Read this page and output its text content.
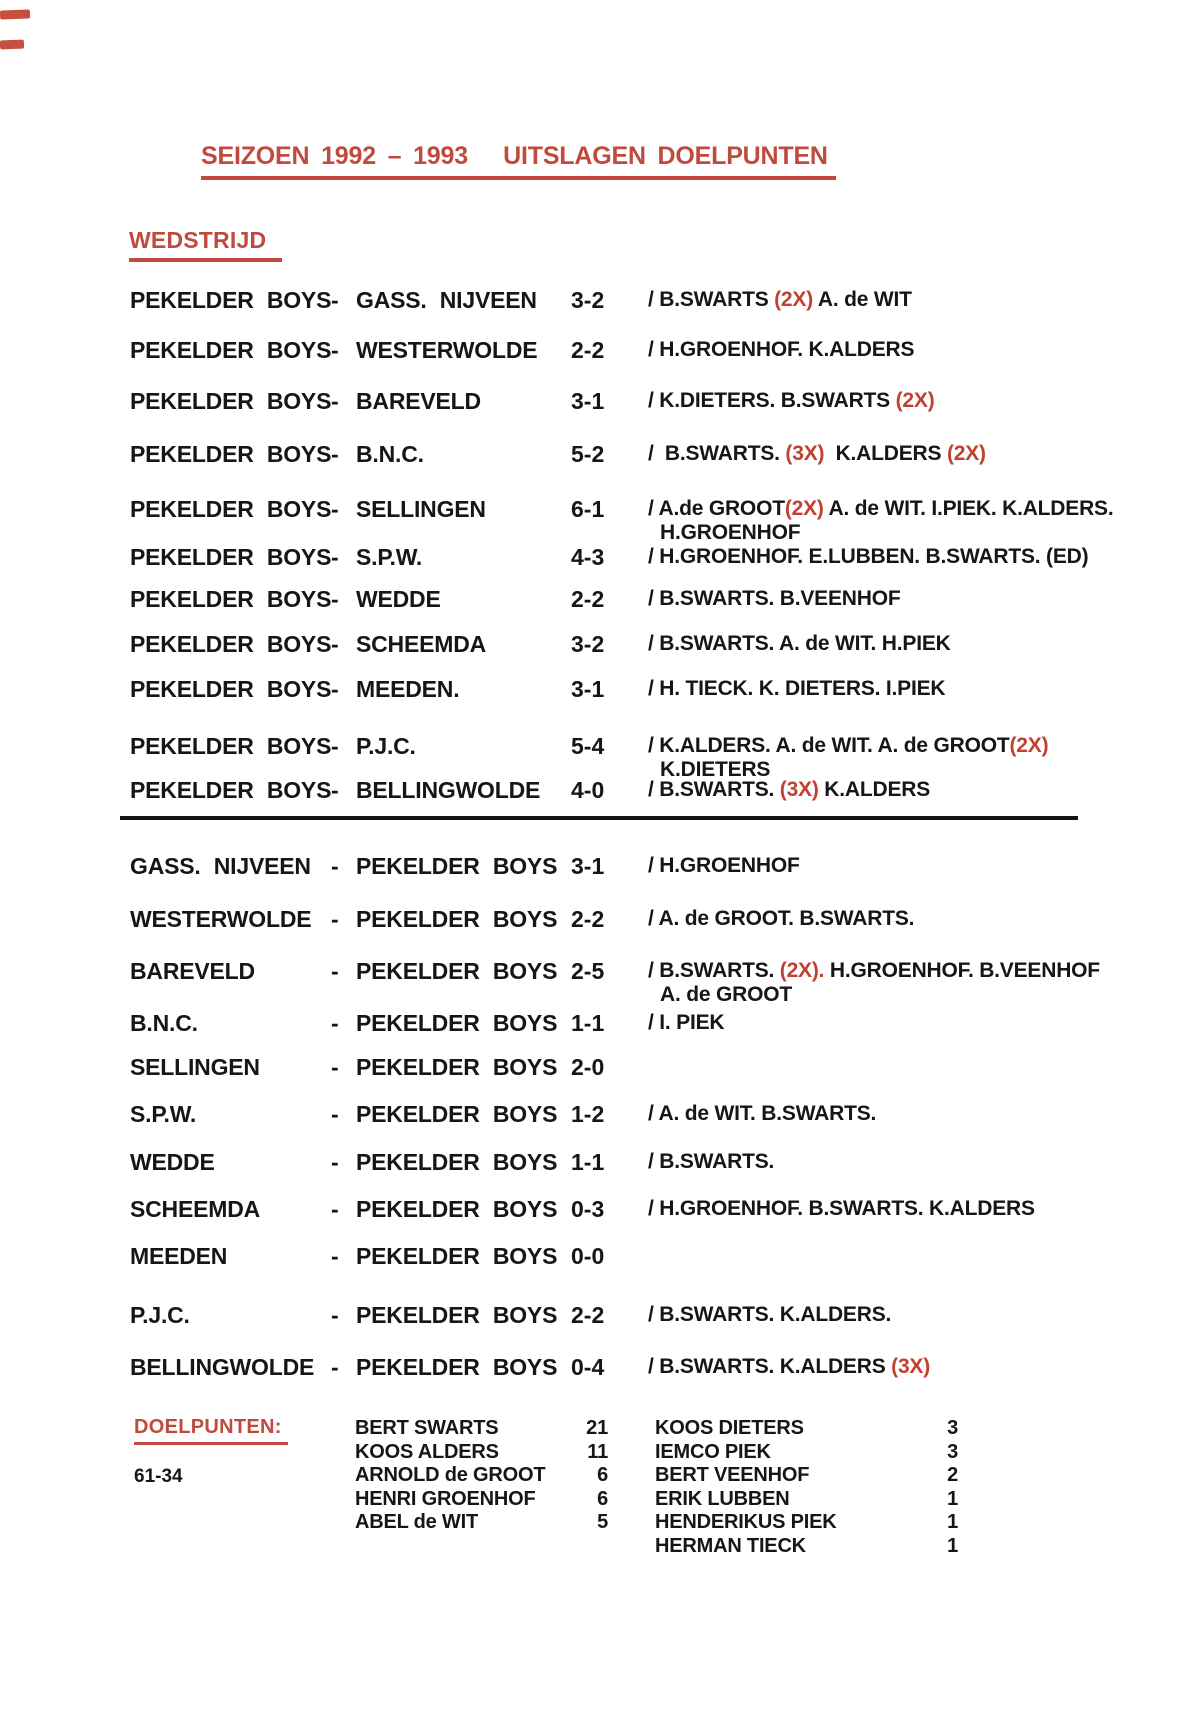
SEIZOEN 1992 – 1993   UITSLAGEN DOELPUNTEN
WEDSTRIJD
PEKELDER BOYS - GASS. NIJVEEN 3-2 / B.SWARTS (2X) A. de WIT
PEKELDER BOYS - WESTERWOLDE 2-2 / H.GROENHOF. K.ALDERS
PEKELDER BOYS - BAREVELD	3-1 / K.DIETERS. B.SWARTS (2X)
PEKELDER BOYS - B.N.C.	5-2 /  B.SWARTS. (3X)  K.ALDERS (2X)
PEKELDER BOYS - SELLINGEN	6-1 / A.de GROOT(2X) A. de WIT. I.PIEK. K.ALDERS.
H.GROENHOF
PEKELDER BOYS - S.P.W.	4-3 / H.GROENHOF. E.LUBBEN. B.SWARTS. (ED)
PEKELDER BOYS - WEDDE	2-2 / B.SWARTS. B.VEENHOF
PEKELDER BOYS - SCHEEMDA	3-2 / B.SWARTS. A. de WIT. H.PIEK
PEKELDER BOYS - MEEDEN.	3-1 / H. TIECK. K. DIETERS. I.PIEK
PEKELDER BOYS - P.J.C.	5-4 / K.ALDERS. A. de WIT. A. de GROOT(2X)
K.DIETERS
PEKELDER BOYS - BELLINGWOLDE 4-0 / B.SWARTS. (3X) K.ALDERS
GASS. NIJVEEN - PEKELDER BOYS 3-1 / H.GROENHOF
WESTERWOLDE - PEKELDER BOYS 2-2 / A. de GROOT. B.SWARTS.
BAREVELD	- PEKELDER BOYS 2-5 / B.SWARTS. (2X). H.GROENHOF. B.VEENHOF
A. de GROOT
B.N.C.	- PEKELDER BOYS 1-1 / I. PIEK
SELLINGEN	- PEKELDER BOYS 2-0
S.P.W.	- PEKELDER BOYS 1-2 / A. de WIT. B.SWARTS.
WEDDE	- PEKELDER BOYS 1-1 / B.SWARTS.
SCHEEMDA	- PEKELDER BOYS 0-3 / H.GROENHOF. B.SWARTS. K.ALDERS
MEEDEN	- PEKELDER BOYS 0-0
P.J.C.	- PEKELDER BOYS 2-2 / B.SWARTS. K.ALDERS.
BELLINGWOLDE - PEKELDER BOYS 0-4 / B.SWARTS. K.ALDERS (3X)
DOELPUNTEN:
61-34
BERT SWARTS	21
KOOS ALDERS	11
ARNOLD de GROOT	6
HENRI GROENHOF	6
ABEL de WIT	5
KOOS DIETERS	3
IEMCO PIEK	3
BERT VEENHOF	2
ERIK LUBBEN	1
HENDERIKUS PIEK	1
HERMAN TIECK	1
